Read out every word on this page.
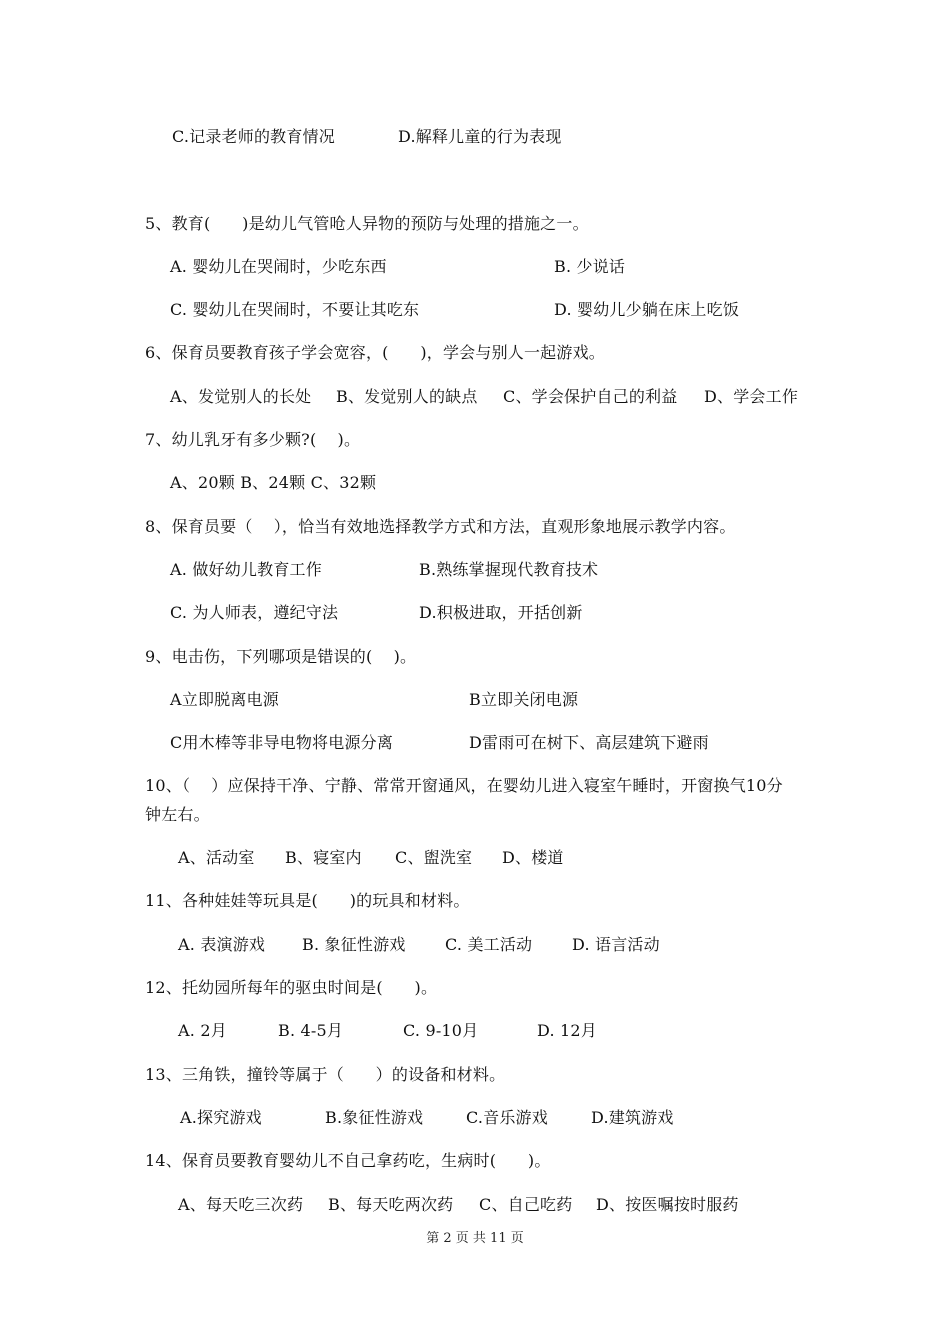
C.记录老师的教育情况	D.解释儿童的行为表现
5、教育(      )是幼儿气管呛人异物的预防与处理的措施之一。
A. 婴幼儿在哭闹时，少吃东西	B. 少说话
C. 婴幼儿在哭闹时，不要让其吃东	D. 婴幼儿少躺在床上吃饭
6、保育员要教育孩子学会宽容，(      )，学会与别人一起游戏。
A、发觉别人的长处 B、发觉别人的缺点 C、学会保护自己的利益 D、学会工作
7、幼儿乳牙有多少颗?(    )。
A、20颗 B、24颗 C、32颗
8、保育员要（    ），恰当有效地选择教学方式和方法，直观形象地展示教学内容。
A. 做好幼儿教育工作	B.熟练掌握现代教育技术
C. 为人师表，遵纪守法	D.积极进取，开括创新
9、电击伤，下列哪项是错误的(    )。
A立即脱离电源	B立即关闭电源
C用木棒等非导电物将电源分离	D雷雨可在树下、高层建筑下避雨
10、（    ）应保持干净、宁静、常常开窗通风，在婴幼儿进入寝室午睡时，开窗换气10分
钟左右。
A、活动室 B、寝室内 C、盥洗室 D、楼道
11、各种娃娃等玩具是(      )的玩具和材料。
A. 表演游戏 B. 象征性游戏 C. 美工活动 D. 语言活动
12、托幼园所每年的驱虫时间是(      )。
A. 2月	B. 4-5月	C. 9-10月	D. 12月
13、三角铁，撞铃等属于（      ）的设备和材料。
A.探究游戏	B.象征性游戏	C.音乐游戏	D.建筑游戏
14、保育员要教育婴幼儿不自己拿药吃，生病时(      )。
A、每天吃三次药 B、每天吃两次药 C、自己吃药 D、按医嘱按时服药
第 2 页 共 11 页
